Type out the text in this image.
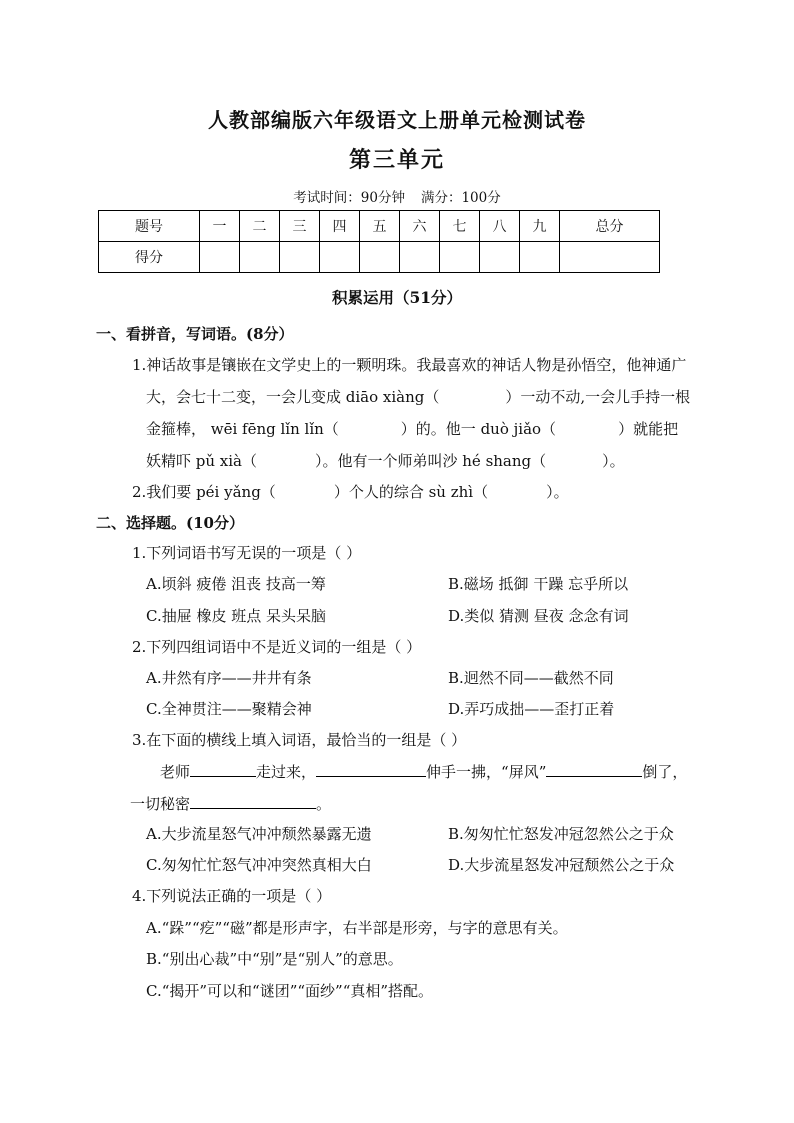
人教部编版六年级语文上册单元检测试卷
第三单元
考试时间：90分钟 满分：100分
题号	一	二	三	四	五	六	七	八	九	总分
得分										
积累运用（51分）
一、看拼音，写词语。(8分）
1.神话故事是镶嵌在文学史上的一颗明珠。我最喜欢的神话人物是孙悟空，他神通广
大，会七十二变，一会儿变成 diāo xiàng（	）一动不动,一会儿手持一根
金箍棒， wēi fēng lǐn lǐn（	）的。他一 duò jiǎo（	）就能把
妖精吓 pǔ xià（	）。他有一个师弟叫沙 hé shang（	）。
2.我们要 péi yǎng（	）个人的综合 sù zhì（	）。
二、选择题。(10分）
1.下列词语书写无误的一项是（ ）
A.顷斜 疲倦 沮丧 技高一筹	B.磁场 抵御 干躁 忘乎所以
C.抽屉 橡皮 班点 呆头呆脑	D.类似 猜测 昼夜 念念有词
2.下列四组词语中不是近义词的一组是（ ）
A.井然有序——井井有条	B.迥然不同——截然不同
C.全神贯注——聚精会神	D.弄巧成拙——歪打正着
3.在下面的横线上填入词语，最恰当的一组是（ ）
老师	走过来，	伸手一拂，“屏风”	倒了，
一切秘密	。
A.大步流星怒气冲冲颓然暴露无遗	B.匆匆忙忙怒发冲冠忽然公之于众
C.匆匆忙忙怒气冲冲突然真相大白	D.大步流星怒发冲冠颓然公之于众
4.下列说法正确的一项是（ ）
A.“跺”“疙”“磁”都是形声字，右半部是形旁，与字的意思有关。
B.“别出心裁”中“别”是“别人”的意思。
C.“揭开”可以和“谜团”“面纱”“真相”搭配。
